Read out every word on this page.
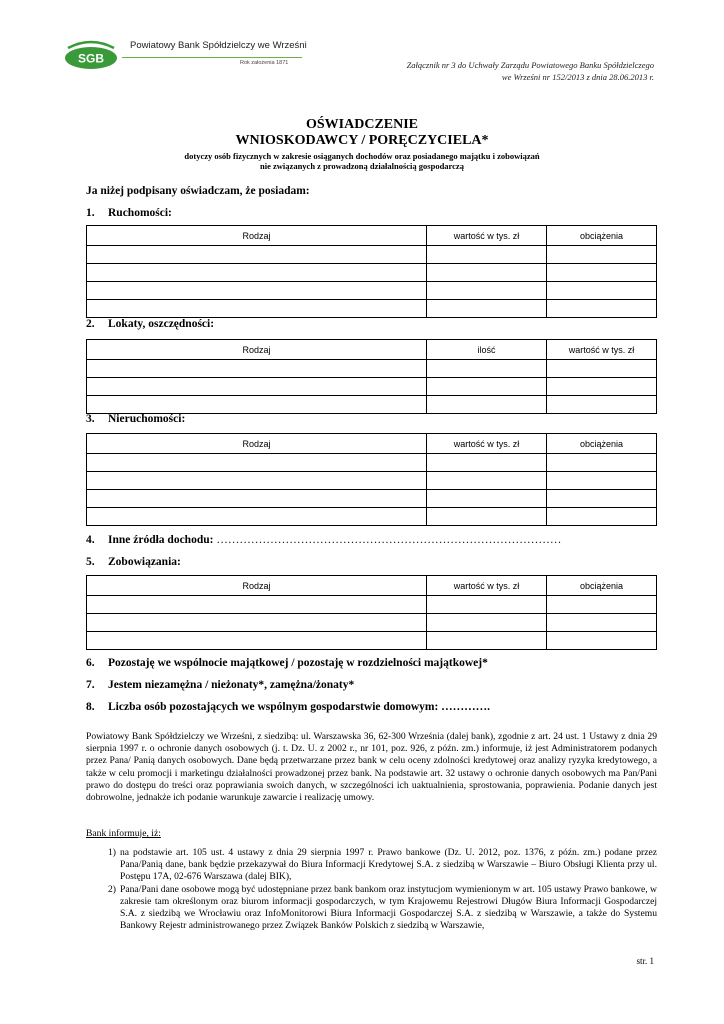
SGB
Powiatowy Bank Spółdzielczy we Wrześni
Rok założenia 1871	Załącznik nr 3 do Uchwały Zarządu Powiatowego Banku Spółdzielczego
we Wrześni nr 152/2013 z dnia 28.06.2013 r.
OŚWIADCZENIE
WNIOSKODAWCY / PORĘCZYCIELA*
dotyczy osób fizycznych w zakresie osiąganych dochodów oraz posiadanego majątku i zobowiązań
nie związanych z prowadzoną działalnością gospodarczą
Ja niżej podpisany oświadczam, że posiadam:
1. Ruchomości:
Rodzaj	wartość w tys. zł	obciążenia

2. Lokaty, oszczędności:
Rodzaj	ilość	wartość w tys. zł

3. Nieruchomości:
Rodzaj	wartość w tys. zł	obciążenia

4. Inne źródła dochodu: ………………………………………………………………………………
5. Zobowiązania:
Rodzaj	wartość w tys. zł	obciążenia

6. Pozostaję we wspólnocie majątkowej / pozostaję w rozdzielności majątkowej*
7. Jestem niezamężna / nieżonaty*, zamężna/żonaty*
8. Liczba osób pozostających we wspólnym gospodarstwie domowym: ………….
Powiatowy Bank Spółdzielczy we Wrześni, z siedzibą: ul. Warszawska 36, 62-300 Września (dalej bank), zgodnie z art. 24 ust. 1 Ustawy z dnia 29 sierpnia 1997 r. o ochronie danych osobowych (j. t. Dz. U. z 2002 r., nr 101, poz. 926, z późn. zm.) informuje, iż jest Administratorem podanych przez Pana/ Panią danych osobowych. Dane będą przetwarzane przez bank w celu oceny zdolności kredytowej oraz analizy ryzyka kredytowego, a także w celu promocji i marketingu działalności prowadzonej przez bank. Na podstawie art. 32 ustawy o ochronie danych osobowych ma Pan/Pani prawo do dostępu do treści oraz poprawiania swoich danych, w szczególności ich uaktualnienia, sprostowania, poprawienia. Podanie danych jest dobrowolne, jednakże ich podanie warunkuje zawarcie i realizację umowy.
Bank informuje, iż:
1) na podstawie art. 105 ust. 4 ustawy z dnia 29 sierpnia 1997 r. Prawo bankowe (Dz. U. 2012, poz. 1376, z późn. zm.) podane przez Pana/Panią dane, bank będzie przekazywał do Biura Informacji Kredytowej S.A. z siedzibą w Warszawie – Biuro Obsługi Klienta przy ul. Postępu 17A, 02-676 Warszawa (dalej BIK),
2) Pana/Pani dane osobowe mogą być udostępniane przez bank bankom oraz instytucjom wymienionym w art. 105 ustawy Prawo bankowe, w zakresie tam określonym oraz biurom informacji gospodarczych, w tym Krajowemu Rejestrowi Długów Biura Informacji Gospodarczej S.A. z siedzibą we Wrocławiu oraz InfoMonitorowi Biura Informacji Gospodarczej S.A. z siedzibą w Warszawie, a także do Systemu Bankowy Rejestr administrowanego przez Związek Banków Polskich z siedzibą w Warszawie,
str. 1
